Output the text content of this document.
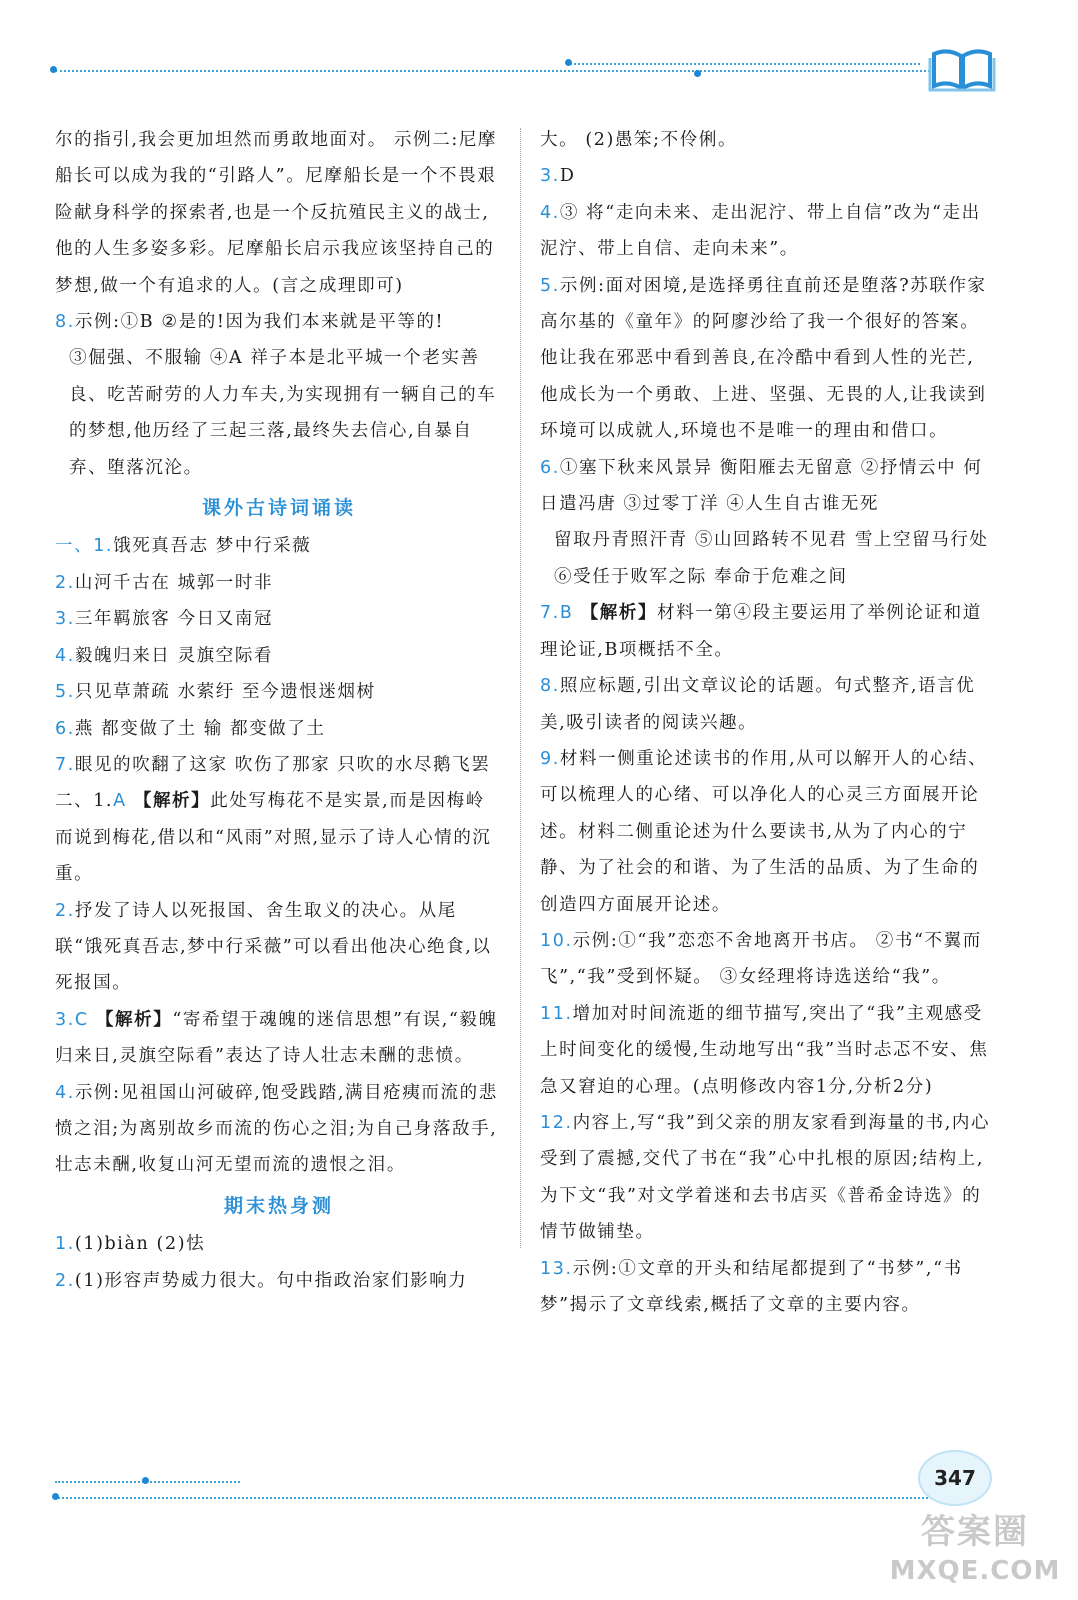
尔的指引,我会更加坦然而勇敢地面对。 示例二:尼摩船长可以成为我的“引路人”。尼摩船长是一个不畏艰险献身科学的探索者,也是一个反抗殖民主义的战士,他的人生多姿多彩。尼摩船长启示我应该坚持自己的梦想,做一个有追求的人。(言之成理即可)

8.示例:①B ②是的!因为我们本来就是平等的!

③倔强、不服输 ④A 祥子本是北平城一个老实善良、吃苦耐劳的人力车夫,为实现拥有一辆自己的车的梦想,他历经了三起三落,最终失去信心,自暴自弃、堕落沉沦。

课外古诗词诵读

一、1.饿死真吾志 梦中行采薇

2.山河千古在 城郭一时非

3.三年羁旅客 今日又南冠

4.毅魄归来日 灵旗空际看

5.只见草萧疏 水萦纡 至今遗恨迷烟树

6.燕 都变做了土 输 都变做了土

7.眼见的吹翻了这家 吹伤了那家 只吹的水尽鹅飞罢

二、1.A 【解析】此处写梅花不是实景,而是因梅岭而说到梅花,借以和“风雨”对照,显示了诗人心情的沉重。

2.抒发了诗人以死报国、舍生取义的决心。从尾联“饿死真吾志,梦中行采薇”可以看出他决心绝食,以死报国。

3.C 【解析】“寄希望于魂魄的迷信思想”有误,“毅魄归来日,灵旗空际看”表达了诗人壮志未酬的悲愤。

4.示例:见祖国山河破碎,饱受践踏,满目疮痍而流的悲愤之泪;为离别故乡而流的伤心之泪;为自己身落敌手,壮志未酬,收复山河无望而流的遗恨之泪。

期末热身测

1.(1)biàn (2)怯

2.(1)形容声势威力很大。句中指政治家们影响力

大。 (2)愚笨;不伶俐。

3.D

4.③ 将“走向未来、走出泥泞、带上自信”改为“走出泥泞、带上自信、走向未来”。

5.示例:面对困境,是选择勇往直前还是堕落?苏联作家高尔基的《童年》的阿廖沙给了我一个很好的答案。他让我在邪恶中看到善良,在冷酷中看到人性的光芒,他成长为一个勇敢、上进、坚强、无畏的人,让我读到环境可以成就人,环境也不是唯一的理由和借口。

6.①塞下秋来风景异 衡阳雁去无留意 ②抒情云中 何日遣冯唐 ③过零丁洋 ④人生自古谁无死

留取丹青照汗青 ⑤山回路转不见君 雪上空留马行处 ⑥受任于败军之际 奉命于危难之间

7.B 【解析】材料一第④段主要运用了举例论证和道理论证,B项概括不全。

8.照应标题,引出文章议论的话题。句式整齐,语言优美,吸引读者的阅读兴趣。

9.材料一侧重论述读书的作用,从可以解开人的心结、可以梳理人的心绪、可以净化人的心灵三方面展开论述。材料二侧重论述为什么要读书,从为了内心的宁静、为了社会的和谐、为了生活的品质、为了生命的创造四方面展开论述。

10.示例:①“我”恋恋不舍地离开书店。 ②书“不翼而飞”,“我”受到怀疑。 ③女经理将诗选送给“我”。

11.增加对时间流逝的细节描写,突出了“我”主观感受上时间变化的缓慢,生动地写出“我”当时忐忑不安、焦急又窘迫的心理。(点明修改内容1分,分析2分)

12.内容上,写“我”到父亲的朋友家看到海量的书,内心受到了震撼,交代了书在“我”心中扎根的原因;结构上,为下文“我”对文学着迷和去书店买《普希金诗选》的情节做铺垫。

13.示例:①文章的开头和结尾都提到了“书梦”,“书梦”揭示了文章线索,概括了文章的主要内容。

347
答案圈
MXQE.COM
